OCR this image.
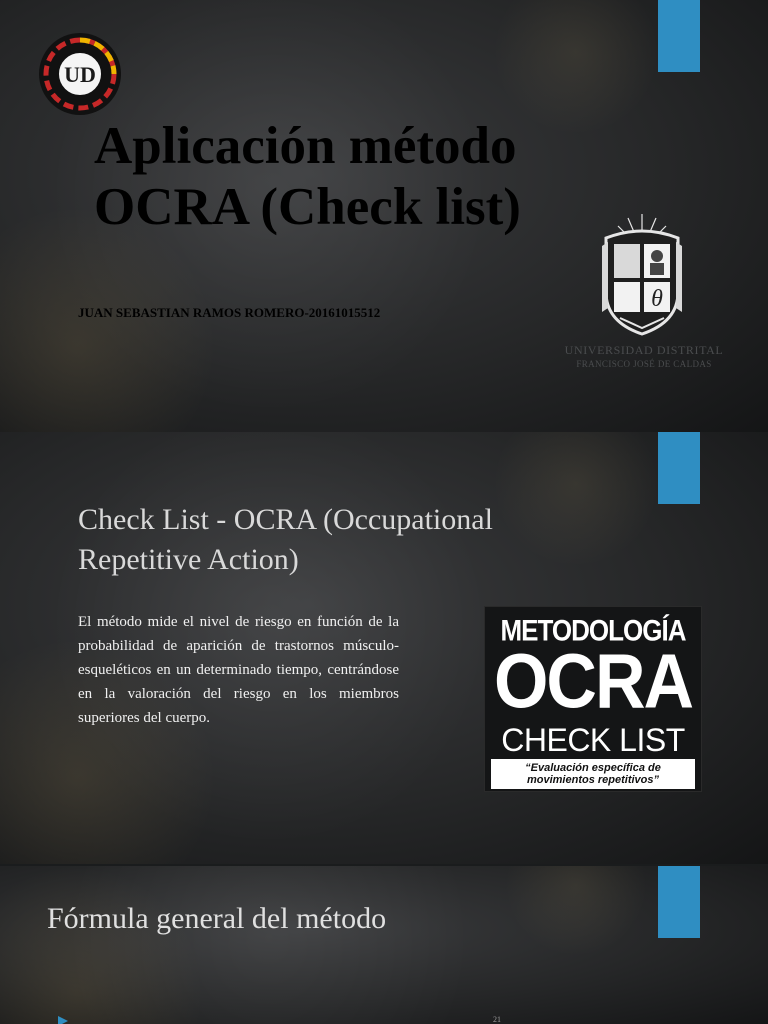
UD
Aplicación método
OCRA (Check list)

JUAN SEBASTIAN RAMOS ROMERO-20161015512

θ
UNIVERSIDAD DISTRITAL
FRANCISCO JOSÉ DE CALDAS
Check List - OCRA (Occupational
Repetitive Action)

El método mide el nivel de riesgo en función de la probabilidad de aparición de trastornos músculo-esqueléticos en un determinado tiempo, centrándose en la valoración del riesgo en los miembros superiores del cuerpo.

METODOLOGÍA
OCRA
CHECK LIST
“Evaluación específica de
movimientos repetitivos”
Fórmula general del método
21
